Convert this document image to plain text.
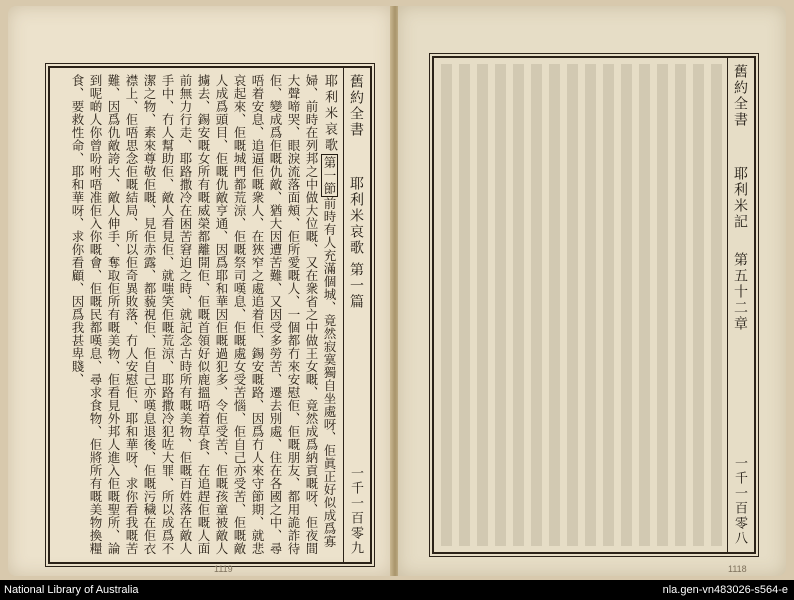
舊約全書
耶利米哀歌
第一篇
一千一百零九
耶利米哀歌第一節前時有人充滿個城、竟然寂寞獨自坐處呀、佢眞正好似成爲寡婦、前時在列邦之中做大位嘅、又在衆省之中做王女嘅、竟然成爲納貢嘅呀、佢夜間大聲啼哭、眼淚流落面頰、佢所愛嘅人、一個都冇來安慰佢、佢嘅朋友、都用詭詐待佢、變成爲佢嘅仇敵、猶大因遭苦難、又因受多勞苦、遷去別處、住在各國之中、尋唔着安息、追逼佢嘅衆人、在狹窄之處追着佢、錫安嘅路、因爲冇人來守節期、就悲哀起來、佢嘅城門都荒涼、佢嘅祭司嘆息、佢嘅處女受苦惱、佢自己亦受苦、佢嘅敵人成爲頭目、佢嘅仇敵亨通、因爲耶和華因佢嘅過犯多、令佢受苦、佢嘅孩童被敵人擄去、錫安嘅女所有嘅威榮都離開佢、佢嘅首領好似鹿搵唔着草食、在追趕佢嘅人面前無力行走、耶路撒冷在困苦窘迫之時、就記念古時所有嘅美物、佢嘅百姓落在敵人手中、冇人幫助佢、敵人看見佢、就嗤笑佢嘅荒涼、耶路撒冷犯咗大罪、所以成爲不潔之物、素來尊敬佢嘅、見佢赤露、都藐視佢、佢自己亦嘆息退後、佢嘅污穢在佢衣襟上、佢唔思念佢嘅結局、所以佢奇異敗落、冇人安慰佢、耶和華呀、求你看我嘅苦難、因爲仇敵誇大、敵人伸手、奪取佢所有嘅美物、佢看見外邦人進入佢嘅聖所、論到呢啲人你曾吩咐唔准佢入你嘅會、佢嘅民都嘆息、尋求食物、佢將所有嘅美物換糧食、要救性命、耶和華呀、求你看顧、因爲我甚卑賤、
1119
舊約全書
耶利米記
第五十二章
一千一百零八
1118
National Library of Australia	nla.gen-vn483026-s564-e
